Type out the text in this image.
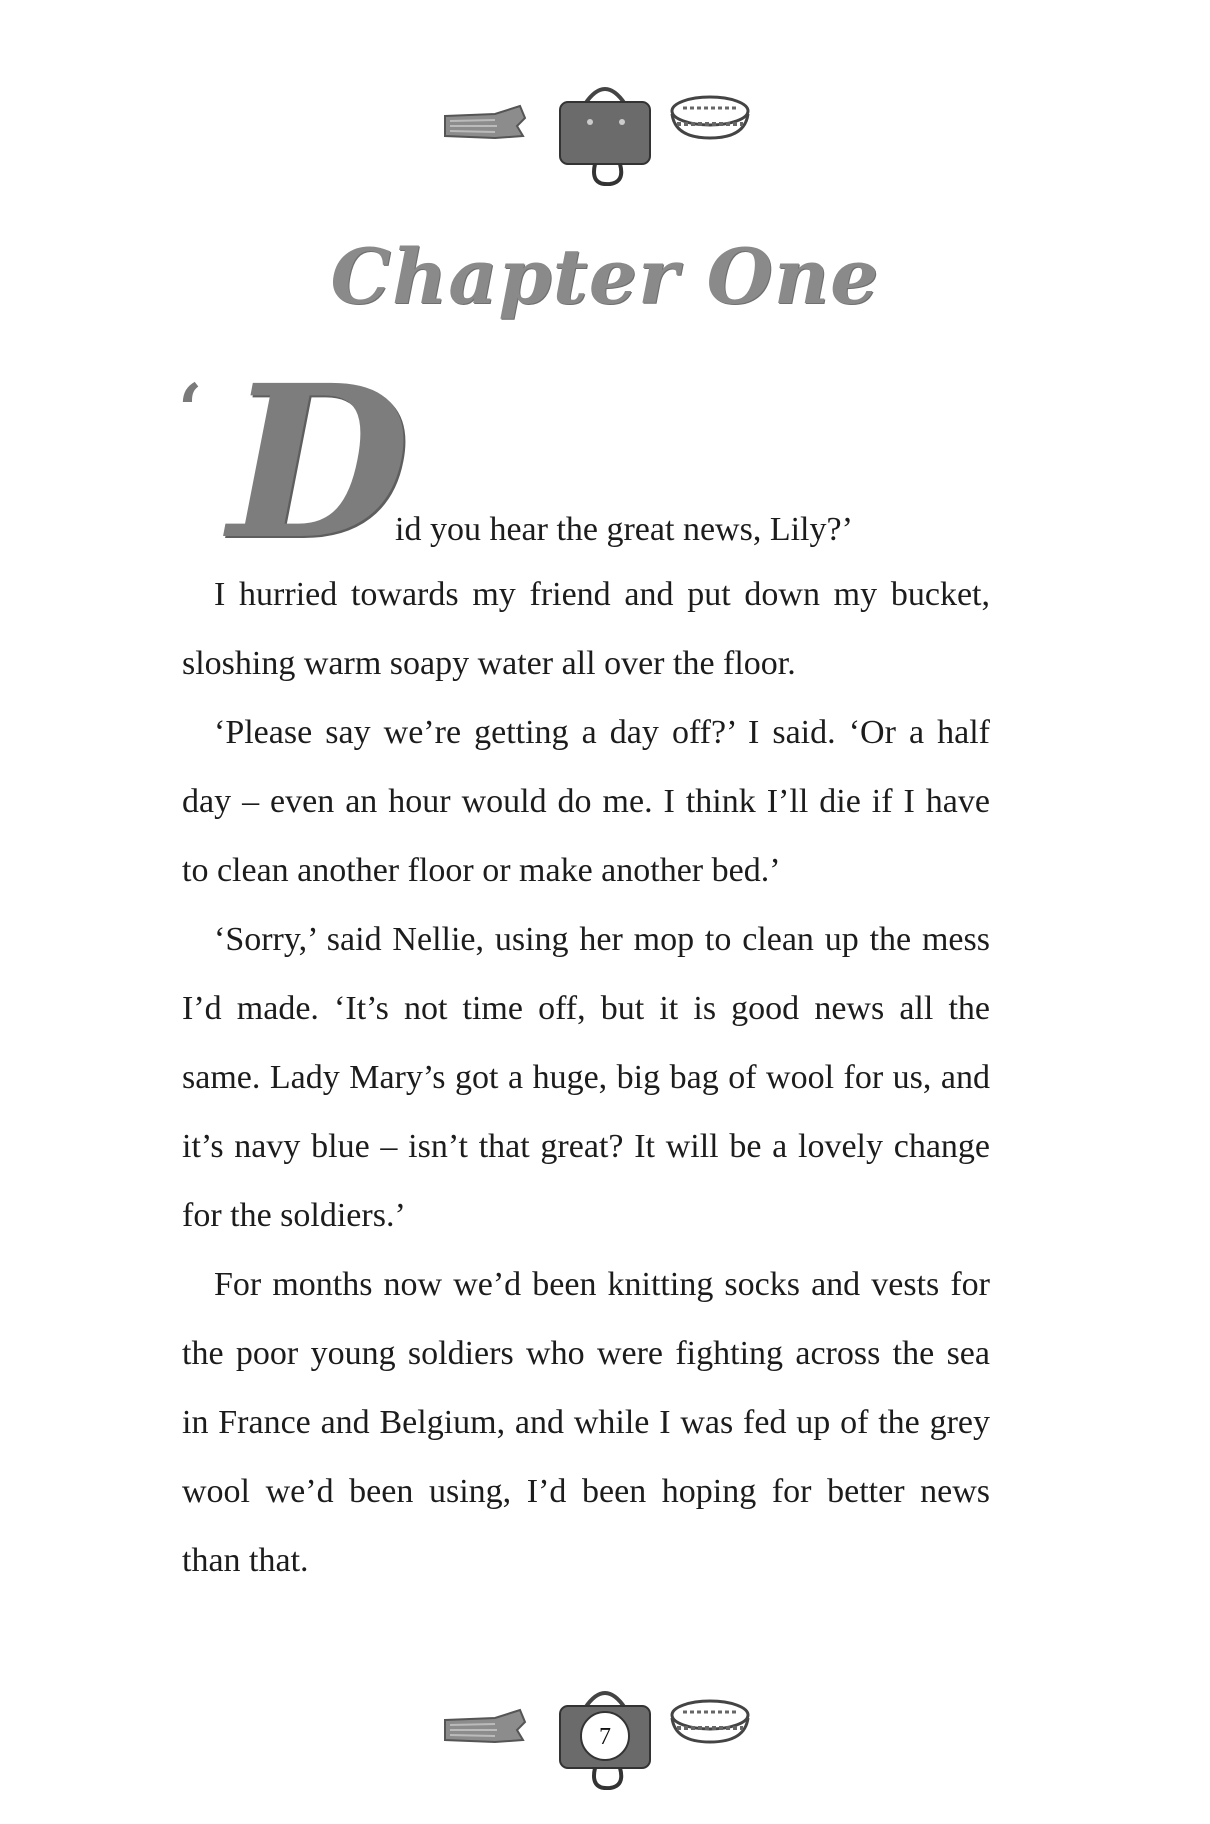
Chapter One
‘ D
id you hear the great news, Lily?’

I hurried towards my friend and put down my bucket, sloshing warm soapy water all over the floor.

‘Please say we’re getting a day off?’ I said. ‘Or a half day – even an hour would do me. I think I’ll die if I have to clean another floor or make another bed.’

‘Sorry,’ said Nellie, using her mop to clean up the mess I’d made. ‘It’s not time off, but it is good news all the same. Lady Mary’s got a huge, big bag of wool for us, and it’s navy blue – isn’t that great? It will be a lovely change for the soldiers.’

For months now we’d been knitting socks and vests for the poor young soldiers who were fighting across the sea in France and Belgium, and while I was fed up of the grey wool we’d been using, I’d been hoping for better news than that.

7
